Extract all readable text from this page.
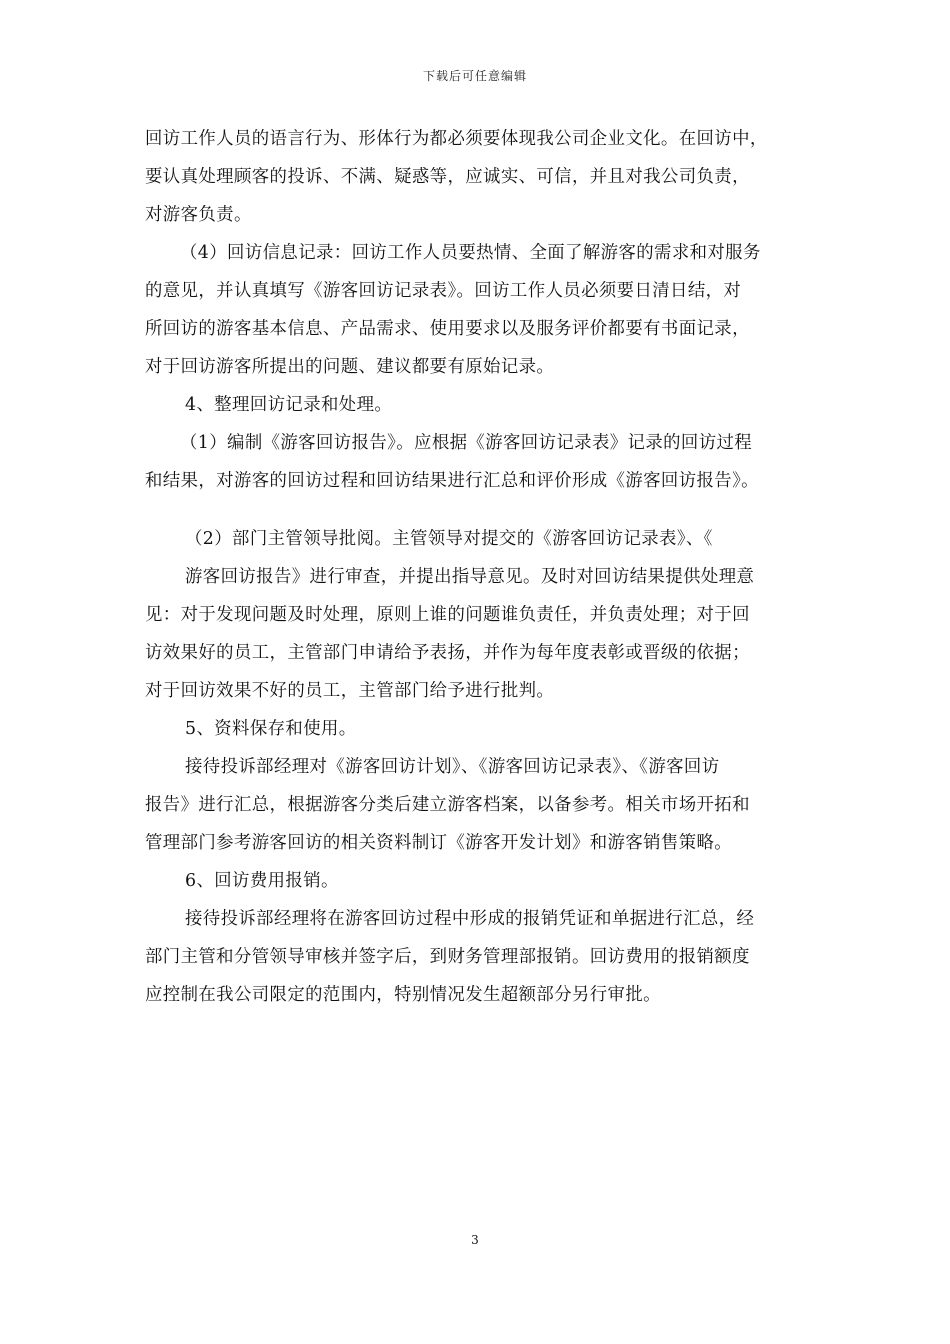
下载后可任意编辑
回访工作人员的语言行为、形体行为都必须要体现我公司企业文化。在回访中，
要认真处理顾客的投诉、不满、疑惑等，应诚实、可信，并且对我公司负责，
对游客负责。
（4）回访信息记录：回访工作人员要热情、全面了解游客的需求和对服务
的意见，并认真填写《游客回访记录表》。回访工作人员必须要日清日结，对
所回访的游客基本信息、产品需求、使用要求以及服务评价都要有书面记录，
对于回访游客所提出的问题、建议都要有原始记录。
4、整理回访记录和处理。
（1）编制《游客回访报告》。应根据《游客回访记录表》记录的回访过程
和结果，对游客的回访过程和回访结果进行汇总和评价形成《游客回访报告》。
（2）部门主管领导批阅。主管领导对提交的《游客回访记录表》、《
游客回访报告》进行审查，并提出指导意见。及时对回访结果提供处理意
见：对于发现问题及时处理，原则上谁的问题谁负责任，并负责处理；对于回
访效果好的员工，主管部门申请给予表扬，并作为每年度表彰或晋级的依据；
对于回访效果不好的员工，主管部门给予进行批判。
5、资料保存和使用。
接待投诉部经理对《游客回访计划》、《游客回访记录表》、《游客回访
报告》进行汇总，根据游客分类后建立游客档案，以备参考。相关市场开拓和
管理部门参考游客回访的相关资料制订《游客开发计划》和游客销售策略。
6、回访费用报销。
接待投诉部经理将在游客回访过程中形成的报销凭证和单据进行汇总，经
部门主管和分管领导审核并签字后，到财务管理部报销。回访费用的报销额度
应控制在我公司限定的范围内，特别情况发生超额部分另行审批。
3
